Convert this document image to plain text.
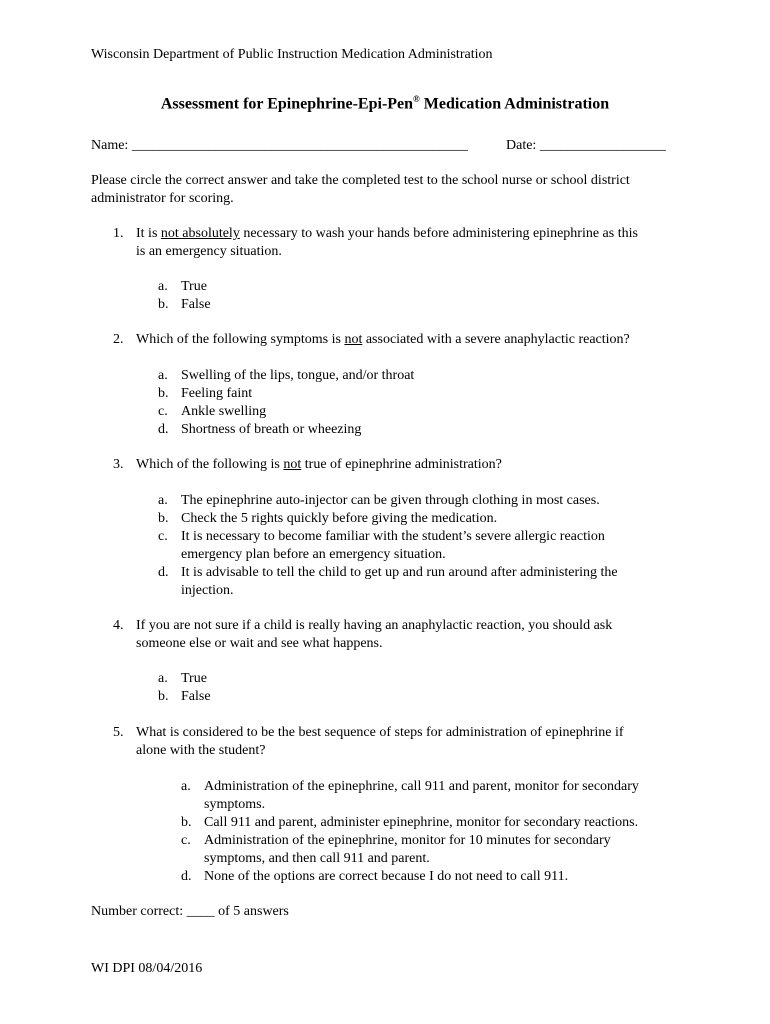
Wisconsin Department of Public Instruction Medication Administration
Assessment for Epinephrine-Epi-Pen® Medication Administration
Name: ________________________________________________	Date: __________________
Please circle the correct answer and take the completed test to the school nurse or school district
administrator for scoring.
1. It is not absolutely necessary to wash your hands before administering epinephrine as this
is an emergency situation.
a. True
b. False
2. Which of the following symptoms is not associated with a severe anaphylactic reaction?
a. Swelling of the lips, tongue, and/or throat
b. Feeling faint
c. Ankle swelling
d. Shortness of breath or wheezing
3. Which of the following is not true of epinephrine administration?
a. The epinephrine auto-injector can be given through clothing in most cases.
b. Check the 5 rights quickly before giving the medication.
c. It is necessary to become familiar with the student’s severe allergic reaction
emergency plan before an emergency situation.
d. It is advisable to tell the child to get up and run around after administering the
injection.
4. If you are not sure if a child is really having an anaphylactic reaction, you should ask
someone else or wait and see what happens.
a. True
b. False
5. What is considered to be the best sequence of steps for administration of epinephrine if
alone with the student?
a. Administration of the epinephrine, call 911 and parent, monitor for secondary
symptoms.
b. Call 911 and parent, administer epinephrine, monitor for secondary reactions.
c. Administration of the epinephrine, monitor for 10 minutes for secondary
symptoms, and then call 911 and parent.
d. None of the options are correct because I do not need to call 911.
Number correct: ____ of 5 answers
WI DPI 08/04/2016
